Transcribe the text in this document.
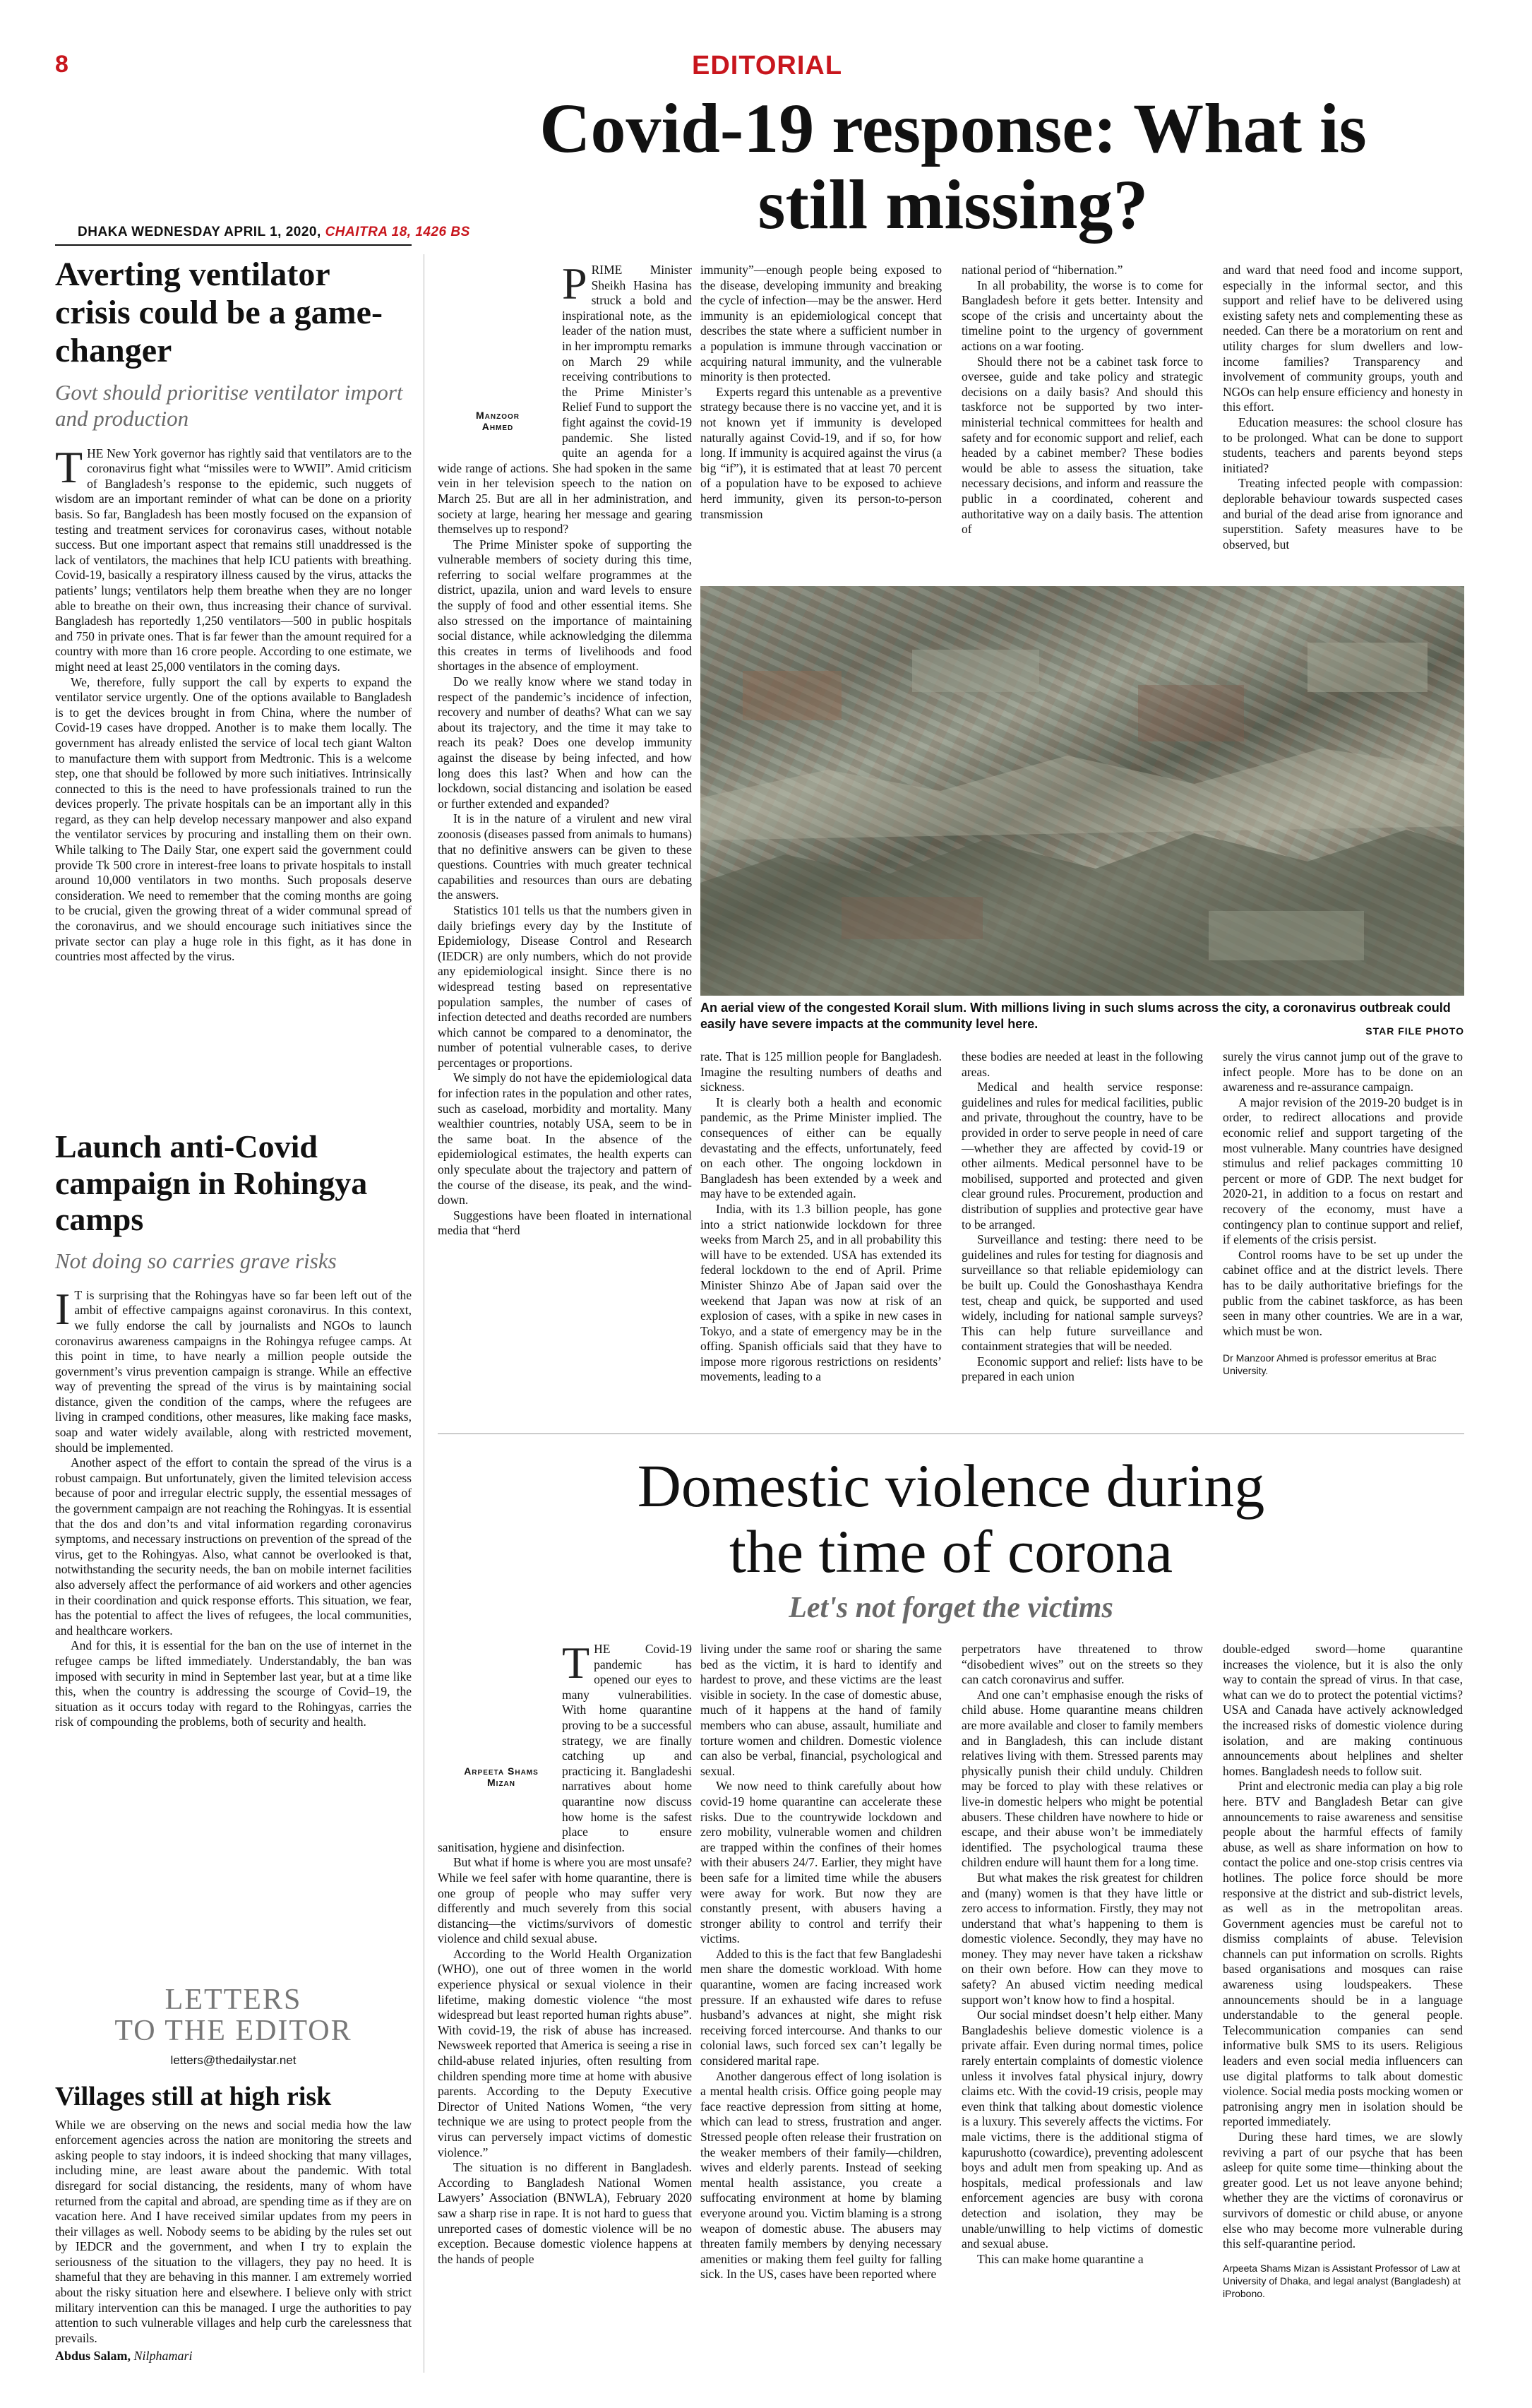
8	EDITORIAL
DHAKA WEDNESDAY APRIL 1, 2020, CHAITRA 18, 1426 BS
Averting ventilator crisis could be a game-changer
Govt should prioritise ventilator import and production

THE New York governor has rightly said that ventilators are to the coronavirus fight what “missiles were to WWII”. Amid criticism of Bangladesh’s response to the epidemic, such nuggets of wisdom are an important reminder of what can be done on a priority basis. So far, Bangladesh has been mostly focused on the expansion of testing and treatment services for coronavirus cases, without notable success. But one important aspect that remains still unaddressed is the lack of ventilators, the machines that help ICU patients with breathing. Covid-19, basically a respiratory illness caused by the virus, attacks the patients’ lungs; ventilators help them breathe when they are no longer able to breathe on their own, thus increasing their chance of survival. Bangladesh has reportedly 1,250 ventilators—500 in public hospitals and 750 in private ones. That is far fewer than the amount required for a country with more than 16 crore people. According to one estimate, we might need at least 25,000 ventilators in the coming days.

We, therefore, fully support the call by experts to expand the ventilator service urgently. One of the options available to Bangladesh is to get the devices brought in from China, where the number of Covid-19 cases have dropped. Another is to make them locally. The government has already enlisted the service of local tech giant Walton to manufacture them with support from Medtronic. This is a welcome step, one that should be followed by more such initiatives. Intrinsically connected to this is the need to have professionals trained to run the devices properly. The private hospitals can be an important ally in this regard, as they can help develop necessary manpower and also expand the ventilator services by procuring and installing them on their own. While talking to The Daily Star, one expert said the government could provide Tk 500 crore in interest-free loans to private hospitals to install around 10,000 ventilators in two months. Such proposals deserve consideration. We need to remember that the coming months are going to be crucial, given the growing threat of a wider communal spread of the coronavirus, and we should encourage such initiatives since the private sector can play a huge role in this fight, as it has done in countries most affected by the virus.

Launch anti-Covid campaign in Rohingya camps
Not doing so carries grave risks

I T is surprising that the Rohingyas have so far been left out of the ambit of effective campaigns against coronavirus. In this context, we fully endorse the call by journalists and NGOs to launch coronavirus awareness campaigns in the Rohingya refugee camps. At this point in time, to have nearly a million people outside the government’s virus prevention campaign is strange. While an effective way of preventing the spread of the virus is by maintaining social distance, given the condition of the camps, where the refugees are living in cramped conditions, other measures, like making face masks, soap and water widely available, along with restricted movement, should be implemented.

Another aspect of the effort to contain the spread of the virus is a robust campaign. But unfortunately, given the limited television access because of poor and irregular electric supply, the essential messages of the government campaign are not reaching the Rohingyas. It is essential that the dos and don’ts and vital information regarding coronavirus symptoms, and necessary instructions on prevention of the spread of the virus, get to the Rohingyas. Also, what cannot be overlooked is that, notwithstanding the security needs, the ban on mobile internet facilities also adversely affect the performance of aid workers and other agencies in their coordination and quick response efforts. This situation, we fear, has the potential to affect the lives of refugees, the local communities, and healthcare workers.

And for this, it is essential for the ban on the use of internet in the refugee camps be lifted immediately. Understandably, the ban was imposed with security in mind in September last year, but at a time like this, when the country is addressing the scourge of Covid–19, the situation as it occurs today with regard to the Rohingyas, carries the risk of compounding the problems, both of security and health.

LETTERS
TO THE EDITOR
letters@thedailystar.net
Villages still at high risk

While we are observing on the news and social media how the law enforcement agencies across the nation are monitoring the streets and asking people to stay indoors, it is indeed shocking that many villages, including mine, are least aware about the pandemic. With total disregard for social distancing, the residents, many of whom have returned from the capital and abroad, are spending time as if they are on vacation here. And I have received similar updates from my peers in their villages as well. Nobody seems to be abiding by the rules set out by IEDCR and the government, and when I try to explain the seriousness of the situation to the villagers, they pay no heed. It is shameful that they are behaving in this manner. I am extremely worried about the risky situation here and elsewhere. I believe only with strict military intervention can this be managed. I urge the authorities to pay attention to such vulnerable villages and help curb the carelessness that prevails.

Abdus Salam, Nilphamari
Covid-19 response: What is
still missing?
Manzoor
Ahmed

PRIME Minister Sheikh Hasina has struck a bold and inspirational note, as the leader of the nation must, in her impromptu remarks on March 29 while receiving contributions to the Prime Minister’s Relief Fund to support the fight against the covid-19 pandemic. She listed quite an agenda for a wide range of actions. She had spoken in the same vein in her television speech to the nation on March 25. But are all in her administration, and society at large, hearing her message and gearing themselves up to respond?

The Prime Minister spoke of supporting the vulnerable members of society during this time, referring to social welfare programmes at the district, upazila, union and ward levels to ensure the supply of food and other essential items. She also stressed on the importance of maintaining social distance, while acknowledging the dilemma this creates in terms of livelihoods and food shortages in the absence of employment.

Do we really know where we stand today in respect of the pandemic’s incidence of infection, recovery and number of deaths? What can we say about its trajectory, and the time it may take to reach its peak? Does one develop immunity against the disease by being infected, and how long does this last? When and how can the lockdown, social distancing and isolation be eased or further extended and expanded?

It is in the nature of a virulent and new viral zoonosis (diseases passed from animals to humans) that no definitive answers can be given to these questions. Countries with much greater technical capabilities and resources than ours are debating the answers.

Statistics 101 tells us that the numbers given in daily briefings every day by the Institute of Epidemiology, Disease Control and Research (IEDCR) are only numbers, which do not provide any epidemiological insight. Since there is no widespread testing based on representative population samples, the number of cases of infection detected and deaths recorded are numbers which cannot be compared to a denominator, the number of potential vulnerable cases, to derive percentages or proportions.

We simply do not have the epidemiological data for infection rates in the population and other rates, such as caseload, morbidity and mortality. Many wealthier countries, notably USA, seem to be in the same boat. In the absence of the epidemiological estimates, the health experts can only speculate about the trajectory and pattern of the course of the disease, its peak, and the wind-down.

Suggestions have been floated in international media that “herd

immunity”—enough people being exposed to the disease, developing immunity and breaking the cycle of infection—may be the answer. Herd immunity is an epidemiological concept that describes the state where a sufficient number in a population is immune through vaccination or acquiring natural immunity, and the vulnerable minority is then protected.

Experts regard this untenable as a preventive strategy because there is no vaccine yet, and it is not known yet if immunity is developed naturally against Covid-19, and if so, for how long. If immunity is acquired against the virus (a big “if”), it is estimated that at least 70 percent of a population have to be exposed to achieve herd immunity, given its person-to-person transmission

national period of “hibernation.”

In all probability, the worse is to come for Bangladesh before it gets better. Intensity and scope of the crisis and uncertainty about the timeline point to the urgency of government actions on a war footing.

Should there not be a cabinet task force to oversee, guide and take policy and strategic decisions on a daily basis? And should this taskforce not be supported by two inter-ministerial technical committees for health and safety and for economic support and relief, each headed by a cabinet member? These bodies would be able to assess the situation, take necessary decisions, and inform and reassure the public in a coordinated, coherent and authoritative way on a daily basis. The attention of

and ward that need food and income support, especially in the informal sector, and this support and relief have to be delivered using existing safety nets and complementing these as needed. Can there be a moratorium on rent and utility charges for slum dwellers and low-income families? Transparency and involvement of community groups, youth and NGOs can help ensure efficiency and honesty in this effort.

Education measures: the school closure has to be prolonged. What can be done to support students, teachers and parents beyond steps initiated?

Treating infected people with compassion: deplorable behaviour towards suspected cases and burial of the dead arise from ignorance and superstition. Safety measures have to be observed, but

An aerial view of the congested Korail slum. With millions living in such slums across the city, a coronavirus outbreak could easily have severe impacts at the community level here.	STAR FILE PHOTO

rate. That is 125 million people for Bangladesh. Imagine the resulting numbers of deaths and sickness.

It is clearly both a health and economic pandemic, as the Prime Minister implied. The consequences of either can be equally devastating and the effects, unfortunately, feed on each other. The ongoing lockdown in Bangladesh has been extended by a week and may have to be extended again.

India, with its 1.3 billion people, has gone into a strict nationwide lockdown for three weeks from March 25, and in all probability this will have to be extended. USA has extended its federal lockdown to the end of April. Prime Minister Shinzo Abe of Japan said over the weekend that Japan was now at risk of an explosion of cases, with a spike in new cases in Tokyo, and a state of emergency may be in the offing. Spanish officials said that they have to impose more rigorous restrictions on residents’ movements, leading to a

these bodies are needed at least in the following areas.

Medical and health service response: guidelines and rules for medical facilities, public and private, throughout the country, have to be provided in order to serve people in need of care—whether they are affected by covid-19 or other ailments. Medical personnel have to be mobilised, supported and protected and given clear ground rules. Procurement, production and distribution of supplies and protective gear have to be arranged.

Surveillance and testing: there need to be guidelines and rules for testing for diagnosis and surveillance so that reliable epidemiology can be built up. Could the Gonoshasthaya Kendra test, cheap and quick, be supported and used widely, including for national sample surveys? This can help future surveillance and containment strategies that will be needed.

Economic support and relief: lists have to be prepared in each union

surely the virus cannot jump out of the grave to infect people. More has to be done on an awareness and re-assurance campaign.

A major revision of the 2019-20 budget is in order, to redirect allocations and provide economic relief and support targeting of the most vulnerable. Many countries have designed stimulus and relief packages committing 10 percent or more of GDP. The next budget for 2020-21, in addition to a focus on restart and recovery of the economy, must have a contingency plan to continue support and relief, if elements of the crisis persist.

Control rooms have to be set up under the cabinet office and at the district levels. There has to be daily authoritative briefings for the public from the cabinet taskforce, as has been seen in many other countries. We are in a war, which must be won.

Dr Manzoor Ahmed is professor emeritus at Brac University.
Domestic violence during
the time of corona
Let's not forget the victims
Arpeeta Shams
Mizan

THE Covid-19 pandemic has opened our eyes to many vulnerabilities. With home quarantine proving to be a successful strategy, we are finally catching up and practicing it. Bangladeshi narratives about home quarantine now discuss how home is the safest place to ensure sanitisation, hygiene and disinfection.

But what if home is where you are most unsafe? While we feel safer with home quarantine, there is one group of people who may suffer very differently and much severely from this social distancing—the victims/survivors of domestic violence and child sexual abuse.

According to the World Health Organization (WHO), one out of three women in the world experience physical or sexual violence in their lifetime, making domestic violence “the most widespread but least reported human rights abuse”. With covid-19, the risk of abuse has increased. Newsweek reported that America is seeing a rise in child-abuse related injuries, often resulting from children spending more time at home with abusive parents. According to the Deputy Executive Director of United Nations Women, “the very technique we are using to protect people from the virus can perversely impact victims of domestic violence.”

The situation is no different in Bangladesh. According to Bangladesh National Women Lawyers’ Association (BNWLA), February 2020 saw a sharp rise in rape. It is not hard to guess that unreported cases of domestic violence will be no exception. Because domestic violence happens at the hands of people

living under the same roof or sharing the same bed as the victim, it is hard to identify and hardest to prove, and these victims are the least visible in society. In the case of domestic abuse, much of it happens at the hand of family members who can abuse, assault, humiliate and torture women and children. Domestic violence can also be verbal, financial, psychological and sexual.

We now need to think carefully about how covid-19 home quarantine can accelerate these risks. Due to the countrywide lockdown and zero mobility, vulnerable women and children are trapped within the confines of their homes with their abusers 24/7. Earlier, they might have been safe for a limited time while the abusers were away for work. But now they are constantly present, with abusers having a stronger ability to control and terrify their victims.

Added to this is the fact that few Bangladeshi men share the domestic workload. With home quarantine, women are facing increased work pressure. If an exhausted wife dares to refuse husband’s advances at night, she might risk receiving forced intercourse. And thanks to our colonial laws, such forced sex can’t legally be considered marital rape.

Another dangerous effect of long isolation is a mental health crisis. Office going people may face reactive depression from sitting at home, which can lead to stress, frustration and anger. Stressed people often release their frustration on the weaker members of their family—children, wives and elderly parents. Instead of seeking mental health assistance, you create a suffocating environment at home by blaming everyone around you. Victim blaming is a strong weapon of domestic abuse. The abusers may threaten family members by denying necessary amenities or making them feel guilty for falling sick. In the US, cases have been reported where

perpetrators have threatened to throw “disobedient wives” out on the streets so they can catch coronavirus and suffer.

And one can’t emphasise enough the risks of child abuse. Home quarantine means children are more available and closer to family members and in Bangladesh, this can include distant relatives living with them. Stressed parents may physically punish their child unduly. Children may be forced to play with these relatives or live-in domestic helpers who might be potential abusers. These children have nowhere to hide or escape, and their abuse won’t be immediately identified. The psychological trauma these children endure will haunt them for a long time.

But what makes the risk greatest for children and (many) women is that they have little or zero access to information. Firstly, they may not understand that what’s happening to them is domestic violence. Secondly, they may have no money. They may never have taken a rickshaw on their own before. How can they move to safety? An abused victim needing medical support won’t know how to find a hospital.

Our social mindset doesn’t help either. Many Bangladeshis believe domestic violence is a private affair. Even during normal times, police rarely entertain complaints of domestic violence unless it involves fatal physical injury, dowry claims etc. With the covid-19 crisis, people may even think that talking about domestic violence is a luxury. This severely affects the victims. For male victims, there is the additional stigma of kapurushotto (cowardice), preventing adolescent boys and adult men from speaking up. And as hospitals, medical professionals and law enforcement agencies are busy with corona detection and isolation, they may be unable/unwilling to help victims of domestic and sexual abuse.

This can make home quarantine a

double-edged sword—home quarantine increases the violence, but it is also the only way to contain the spread of virus. In that case, what can we do to protect the potential victims? USA and Canada have actively acknowledged the increased risks of domestic violence during isolation, and are making continuous announcements about helplines and shelter homes. Bangladesh needs to follow suit.

Print and electronic media can play a big role here. BTV and Bangladesh Betar can give announcements to raise awareness and sensitise people about the harmful effects of family abuse, as well as share information on how to contact the police and one-stop crisis centres via hotlines. The police force should be more responsive at the district and sub-district levels, as well as in the metropolitan areas. Government agencies must be careful not to dismiss complaints of abuse. Television channels can put information on scrolls. Rights based organisations and mosques can raise awareness using loudspeakers. These announcements should be in a language understandable to the general people. Telecommunication companies can send informative bulk SMS to its users. Religious leaders and even social media influencers can use digital platforms to talk about domestic violence. Social media posts mocking women or patronising angry men in isolation should be reported immediately.

During these hard times, we are slowly reviving a part of our psyche that has been asleep for quite some time—thinking about the greater good. Let us not leave anyone behind; whether they are the victims of coronavirus or survivors of domestic or child abuse, or anyone else who may become more vulnerable during this self-quarantine period.

Arpeeta Shams Mizan is Assistant Professor of Law at University of Dhaka, and legal analyst (Bangladesh) at iProbono.
